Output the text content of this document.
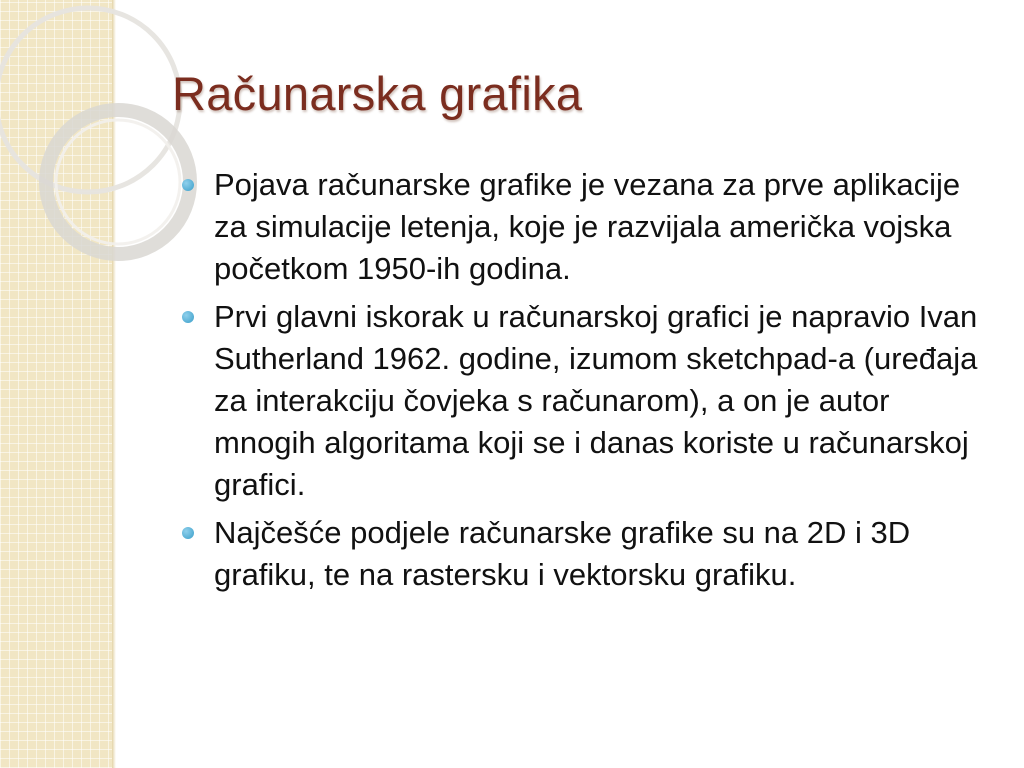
Računarska grafika
Pojava računarske grafike je vezana za prve aplikacije za simulacije letenja, koje je razvijala američka vojska početkom 1950-ih godina.
Prvi glavni iskorak u računarskoj grafici je napravio Ivan Sutherland 1962. godine, izumom sketchpad-a (uređaja za interakciju čovjeka s računarom), a on je autor mnogih algoritama koji se i danas koriste u računarskoj grafici.
Najčešće podjele računarske grafike su na 2D i 3D grafiku, te na rastersku i vektorsku grafiku.
